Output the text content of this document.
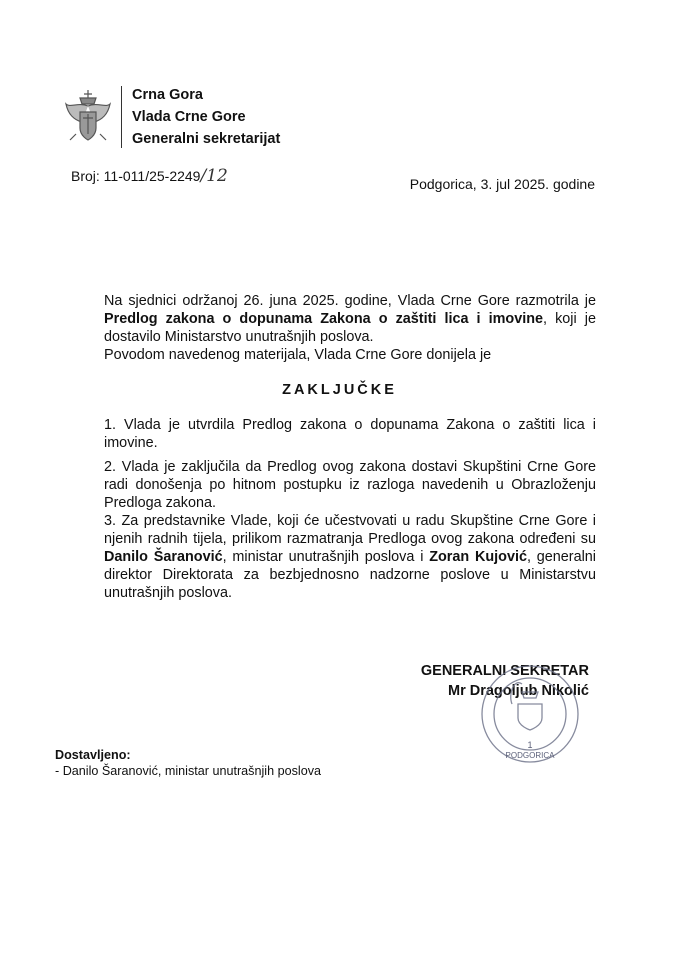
Crna Gora
Vlada Crne Gore
Generalni sekretarijat
Broj: 11-011/25-2249/12	Podgorica, 3. jul 2025. godine
Na sjednici održanoj 26. juna 2025. godine, Vlada Crne Gore razmotrila je Predlog zakona o dopunama Zakona o zaštiti lica i imovine, koji je dostavilo Ministarstvo unutrašnjih poslova.
Povodom navedenog materijala, Vlada Crne Gore donijela je
ZAKLJUČKE
1. Vlada je utvrdila Predlog zakona o dopunama Zakona o zaštiti lica i imovine.
2. Vlada je zaključila da Predlog ovog zakona dostavi Skupštini Crne Gore radi donošenja po hitnom postupku iz razloga navedenih u Obrazloženju Predloga zakona.
3. Za predstavnike Vlade, koji će učestvovati u radu Skupštine Crne Gore i njenih radnih tijela, prilikom razmatranja Predloga ovog zakona određeni su Danilo Šaranović, ministar unutrašnjih poslova i Zoran Kujović, generalni direktor Direktorata za bezbjednosno nadzorne poslove u Ministarstvu unutrašnjih poslova.
GENERALNI SEKRETAR
Mr Dragoljub Nikolić
1
PODGORICA
Dostavljeno:
- Danilo Šaranović, ministar unutrašnjih poslova
